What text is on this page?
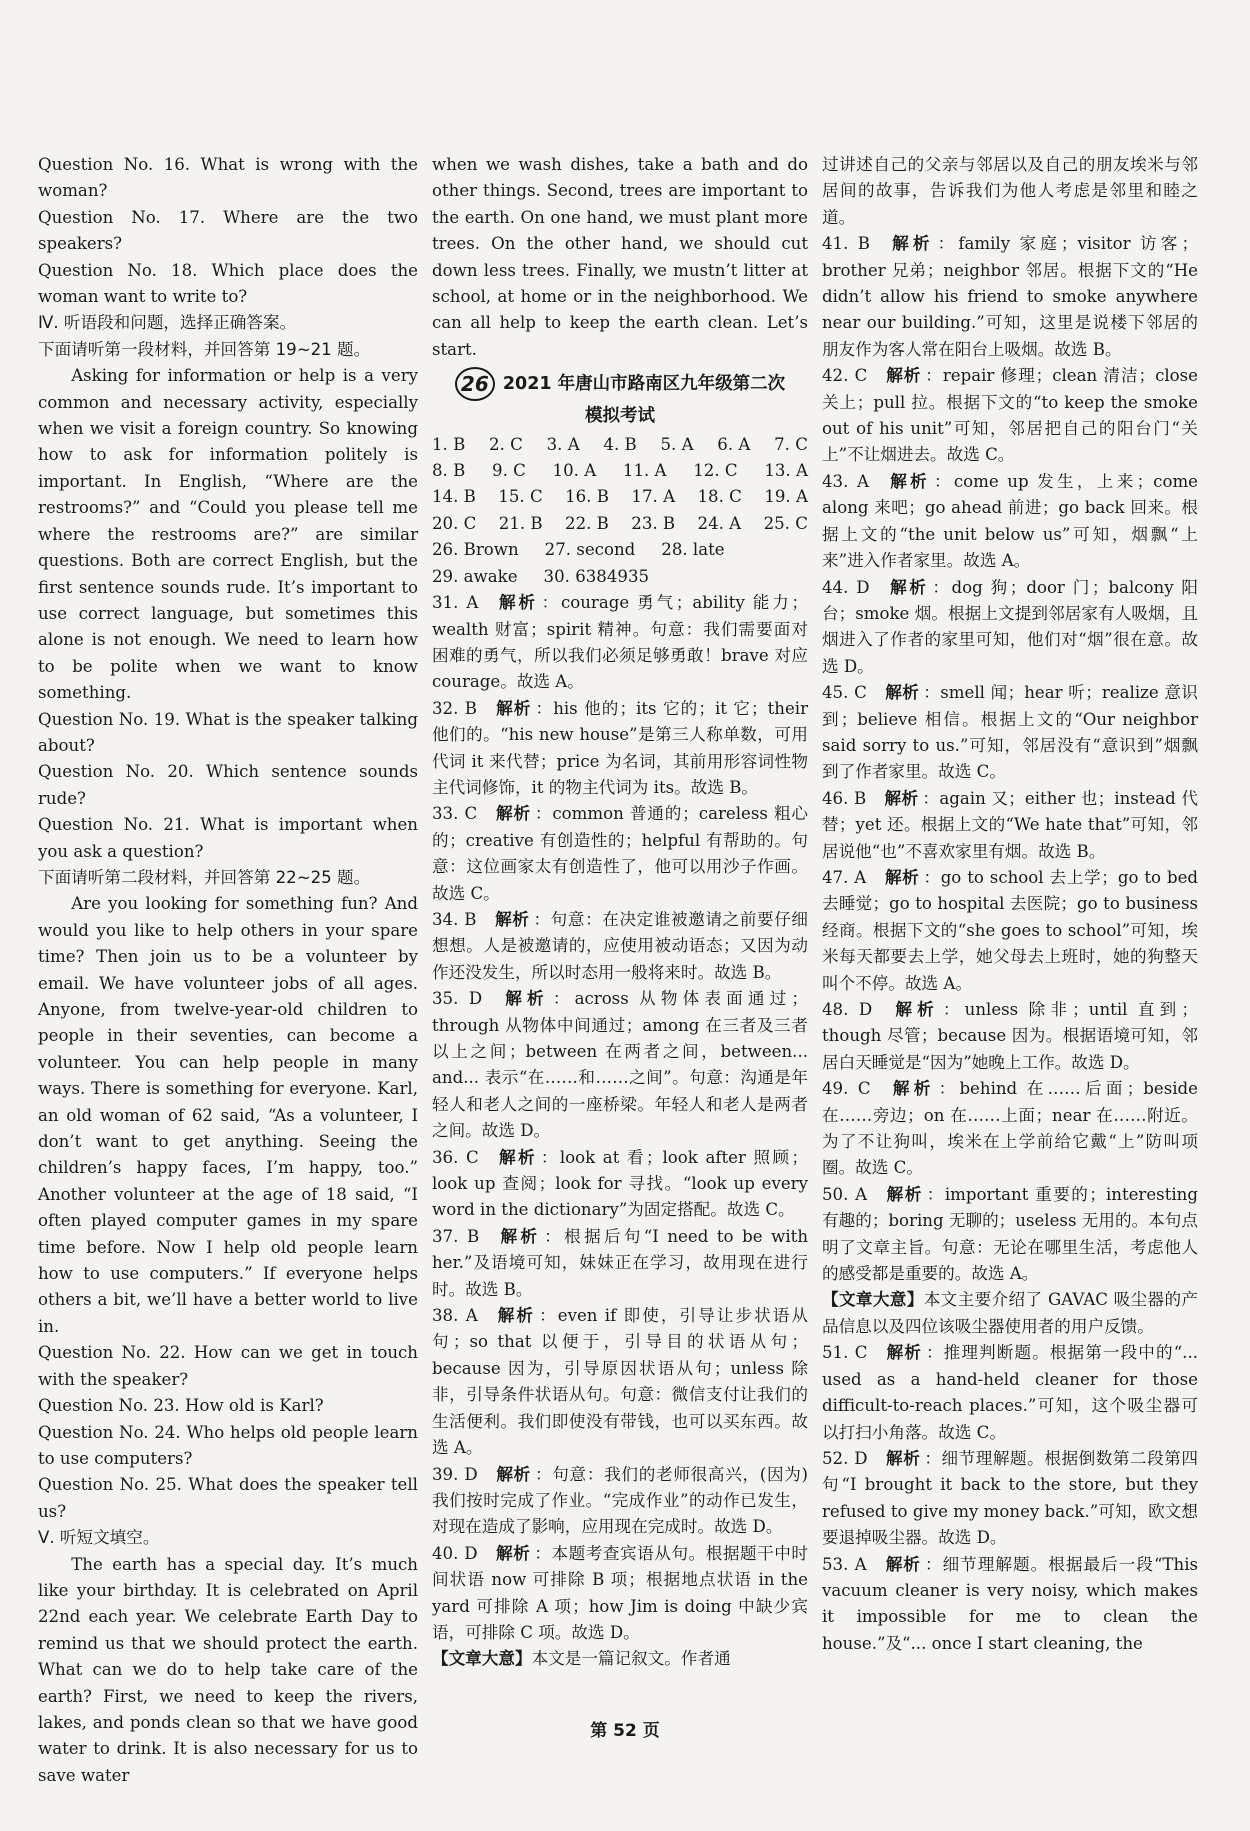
Question No. 16. What is wrong with the woman?

Question No. 17. Where are the two speakers?

Question No. 18. Which place does the woman want to write to?

Ⅳ. 听语段和问题，选择正确答案。

下面请听第一段材料，并回答第 19~21 题。

Asking for information or help is a very common and necessary activity, especially when we visit a foreign country. So knowing how to ask for information politely is important. In English, “Where are the restrooms?” and “Could you please tell me where the restrooms are?” are similar questions. Both are correct English, but the first sentence sounds rude. It’s important to use correct language, but sometimes this alone is not enough. We need to learn how to be polite when we want to know something.

Question No. 19. What is the speaker talking about?

Question No. 20. Which sentence sounds rude?

Question No. 21. What is important when you ask a question?

下面请听第二段材料，并回答第 22~25 题。

Are you looking for something fun? And would you like to help others in your spare time? Then join us to be a volunteer by email. We have volunteer jobs of all ages. Anyone, from twelve-year-old children to people in their seventies, can become a volunteer. You can help people in many ways. There is something for everyone. Karl, an old woman of 62 said, “As a volunteer, I don’t want to get anything. Seeing the children’s happy faces, I’m happy, too.” Another volunteer at the age of 18 said, “I often played computer games in my spare time before. Now I help old people learn how to use computers.” If everyone helps others a bit, we’ll have a better world to live in.

Question No. 22. How can we get in touch with the speaker?

Question No. 23. How old is Karl?

Question No. 24. Who helps old people learn to use computers?

Question No. 25. What does the speaker tell us?

Ⅴ. 听短文填空。

The earth has a special day. It’s much like your birthday. It is celebrated on April 22nd each year. We celebrate Earth Day to remind us that we should protect the earth. What can we do to help take care of the earth? First, we need to keep the rivers, lakes, and ponds clean so that we have good water to drink. It is also necessary for us to save water

when we wash dishes, take a bath and do other things. Second, trees are important to the earth. On one hand, we must plant more trees. On the other hand, we should cut down less trees. Finally, we mustn’t litter at school, at home or in the neighborhood. We can all help to keep the earth clean. Let’s start.

26 2021 年唐山市路南区九年级第二次
模拟考试
1. B 2. C 3. A 4. B 5. A 6. A 7. C
8. B 9. C 10. A 11. A 12. C 13. A
14. B 15. C 16. B 17. A 18. C 19. A
20. C 21. B 22. B 23. B 24. A 25. C
26. Brown 27. second 28. late
29. awake 30. 6384935

31. A 解析 ：courage 勇气；ability 能力；wealth 财富；spirit 精神。句意：我们需要面对困难的勇气，所以我们必须足够勇敢！brave 对应 courage。故选 A。

32. B 解析 ：his 他的；its 它的；it 它；their 他们的。“his new house”是第三人称单数，可用代词 it 来代替；price 为名词，其前用形容词性物主代词修饰，it 的物主代词为 its。故选 B。

33. C 解析 ：common 普通的；careless 粗心的；creative 有创造性的；helpful 有帮助的。句意：这位画家太有创造性了，他可以用沙子作画。故选 C。

34. B 解析 ：句意：在决定谁被邀请之前要仔细想想。人是被邀请的，应使用被动语态；又因为动作还没发生，所以时态用一般将来时。故选 B。

35. D 解析 ：across 从物体表面通过；through 从物体中间通过；among 在三者及三者以上之间；between 在两者之间，between... and... 表示“在……和……之间”。句意：沟通是年轻人和老人之间的一座桥梁。年轻人和老人是两者之间。故选 D。

36. C 解析 ：look at 看；look after 照顾；look up 查阅；look for 寻找。“look up every word in the dictionary”为固定搭配。故选 C。

37. B 解析 ：根据后句“I need to be with her.”及语境可知，妹妹正在学习，故用现在进行时。故选 B。

38. A 解析 ：even if 即使，引导让步状语从句；so that 以便于，引导目的状语从句；because 因为，引导原因状语从句；unless 除非，引导条件状语从句。句意：微信支付让我们的生活便利。我们即使没有带钱，也可以买东西。故选 A。

39. D 解析 ：句意：我们的老师很高兴，(因为)我们按时完成了作业。“完成作业”的动作已发生，对现在造成了影响，应用现在完成时。故选 D。

40. D 解析 ：本题考查宾语从句。根据题干中时间状语 now 可排除 B 项；根据地点状语 in the yard 可排除 A 项；how Jim is doing 中缺少宾语，可排除 C 项。故选 D。

【文章大意】本文是一篇记叙文。作者通

过讲述自己的父亲与邻居以及自己的朋友埃米与邻居间的故事，告诉我们为他人考虑是邻里和睦之道。

41. B 解析 ：family 家庭；visitor 访客；brother 兄弟；neighbor 邻居。根据下文的“He didn’t allow his friend to smoke anywhere near our building.”可知，这里是说楼下邻居的朋友作为客人常在阳台上吸烟。故选 B。

42. C 解析 ：repair 修理；clean 清洁；close 关上；pull 拉。根据下文的“to keep the smoke out of his unit”可知，邻居把自己的阳台门“关上”不让烟进去。故选 C。

43. A 解析 ：come up 发生，上来；come along 来吧；go ahead 前进；go back 回来。根据上文的“the unit below us”可知，烟飘“上来”进入作者家里。故选 A。

44. D 解析 ：dog 狗；door 门；balcony 阳台；smoke 烟。根据上文提到邻居家有人吸烟，且烟进入了作者的家里可知，他们对“烟”很在意。故选 D。

45. C 解析 ：smell 闻；hear 听；realize 意识到；believe 相信。根据上文的“Our neighbor said sorry to us.”可知，邻居没有“意识到”烟飘到了作者家里。故选 C。

46. B 解析 ：again 又；either 也；instead 代替；yet 还。根据上文的“We hate that”可知，邻居说他“也”不喜欢家里有烟。故选 B。

47. A 解析 ：go to school 去上学；go to bed 去睡觉；go to hospital 去医院；go to business 经商。根据下文的“she goes to school”可知，埃米每天都要去上学，她父母去上班时，她的狗整天叫个不停。故选 A。

48. D 解析 ：unless 除非；until 直到；though 尽管；because 因为。根据语境可知，邻居白天睡觉是“因为”她晚上工作。故选 D。

49. C 解析 ：behind 在……后面；beside 在……旁边；on 在……上面；near 在……附近。为了不让狗叫，埃米在上学前给它戴“上”防叫项圈。故选 C。

50. A 解析 ：important 重要的；interesting 有趣的；boring 无聊的；useless 无用的。本句点明了文章主旨。句意：无论在哪里生活，考虑他人的感受都是重要的。故选 A。

【文章大意】本文主要介绍了 GAVAC 吸尘器的产品信息以及四位该吸尘器使用者的用户反馈。

51. C 解析 ：推理判断题。根据第一段中的“... used as a hand-held cleaner for those difficult-to-reach places.”可知，这个吸尘器可以打扫小角落。故选 C。

52. D 解析 ：细节理解题。根据倒数第二段第四句“I brought it back to the store, but they refused to give my money back.”可知，欧文想要退掉吸尘器。故选 D。

53. A 解析 ：细节理解题。根据最后一段“This vacuum cleaner is very noisy, which makes it impossible for me to clean the house.”及“... once I start cleaning, the

第 52 页
